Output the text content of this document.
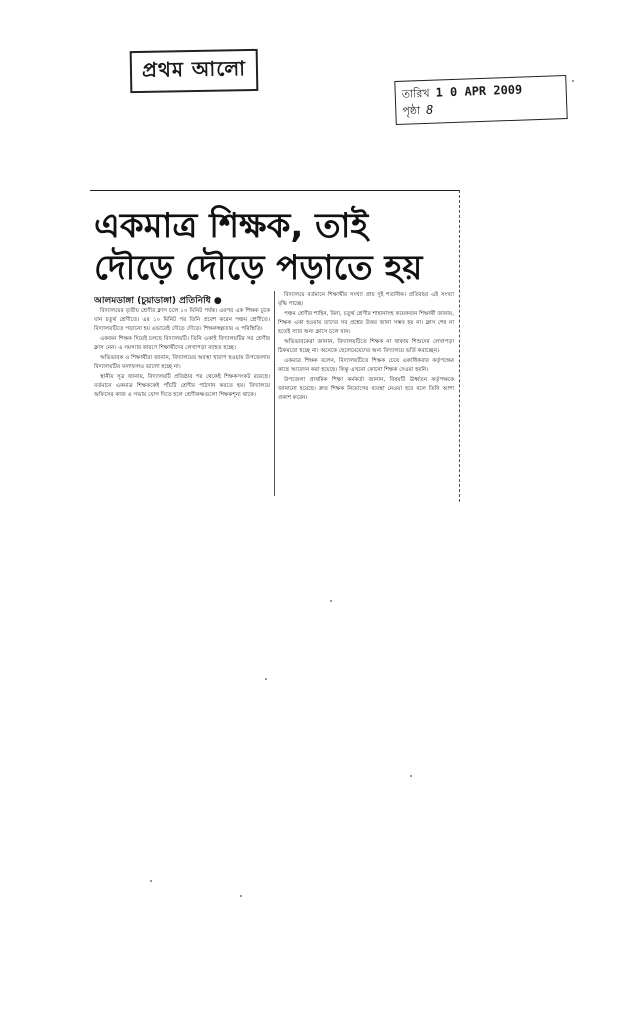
প্রথম আলো
তারিখ 1 0 APR 2009
পৃষ্ঠা 8
একমাত্র শিক্ষক, তাই দৌড়ে দৌড়ে পড়াতে হয়
আলমডাঙ্গা (চুয়াডাঙ্গা) প্রতিনিধি ●

বিদ্যালয়ের তৃতীয় শ্রেণীর ক্লাস চলে ১০ মিনিট পর্যন্ত। এরপর এক শিক্ষক ঢুকে যান চতুর্থ শ্রেণীতে। এর ১০ মিনিট পর তিনি প্রবেশ করেন পঞ্চম শ্রেণীতে। বিদ্যালয়টিতে পড়ানো হয় এভাবেই দৌড়ে দৌড়ে। শিক্ষকস্বল্পতায় এ পরিস্থিতি।

একজন শিক্ষক দিয়েই চলছে বিদ্যালয়টি। তিনি একাই বিদ্যালয়টির সব শ্রেণীর ক্লাস নেন। এ সমস্যার কারণে শিক্ষার্থীদের লেখাপড়া ব্যাহত হচ্ছে।

অভিভাবক ও শিক্ষার্থীরা জানান, বিদ্যালয়ের অবস্থা খারাপ হওয়ায় উপজেলায় বিদ্যালয়টির ফলাফলও ভালো হচ্ছে না।

স্থানীয় সূত্র জানায়, বিদ্যালয়টি প্রতিষ্ঠার পর থেকেই শিক্ষকসংকট রয়েছে। বর্তমানে একমাত্র শিক্ষককেই পাঁচটি শ্রেণীর পাঠদান করতে হয়। বিদ্যালয়ে অফিসের কাজ ও সভায় যোগ দিতে হলে শ্রেণীকক্ষগুলো শিক্ষকশূন্য থাকে।

বিদ্যালয়ে বর্তমানে শিক্ষার্থীর সংখ্যা প্রায় দুই শতাধিক। প্রতিবছর এই সংখ্যা বৃদ্ধি পাচ্ছে।

পঞ্চম শ্রেণীর শাহিন, রিনা, চতুর্থ শ্রেণীর শাহানাসহ কয়েকজন শিক্ষার্থী জানায়, শিক্ষক একা হওয়ায় তাদের সব প্রশ্নের উত্তর জানা সম্ভব হয় না। ক্লাস শেষ না হতেই স্যার অন্য ক্লাসে চলে যান।

অভিভাবকেরা জানান, বিদ্যালয়টিতে শিক্ষক না থাকায় শিশুদের লেখাপড়া ঠিকমতো হচ্ছে না। অনেকে ছেলেমেয়েদের অন্য বিদ্যালয়ে ভর্তি করাচ্ছেন।

একমাত্র শিক্ষক বলেন, বিদ্যালয়টিতে শিক্ষক চেয়ে একাধিকবার কর্তৃপক্ষের কাছে আবেদন করা হয়েছে। কিন্তু এখনো কোনো শিক্ষক দেওয়া হয়নি।

উপজেলা প্রাথমিক শিক্ষা কর্মকর্তা জানান, বিষয়টি ঊর্ধ্বতন কর্তৃপক্ষকে জানানো হয়েছে। দ্রুত শিক্ষক নিয়োগের ব্যবস্থা নেওয়া হবে বলে তিনি আশা প্রকাশ করেন।
